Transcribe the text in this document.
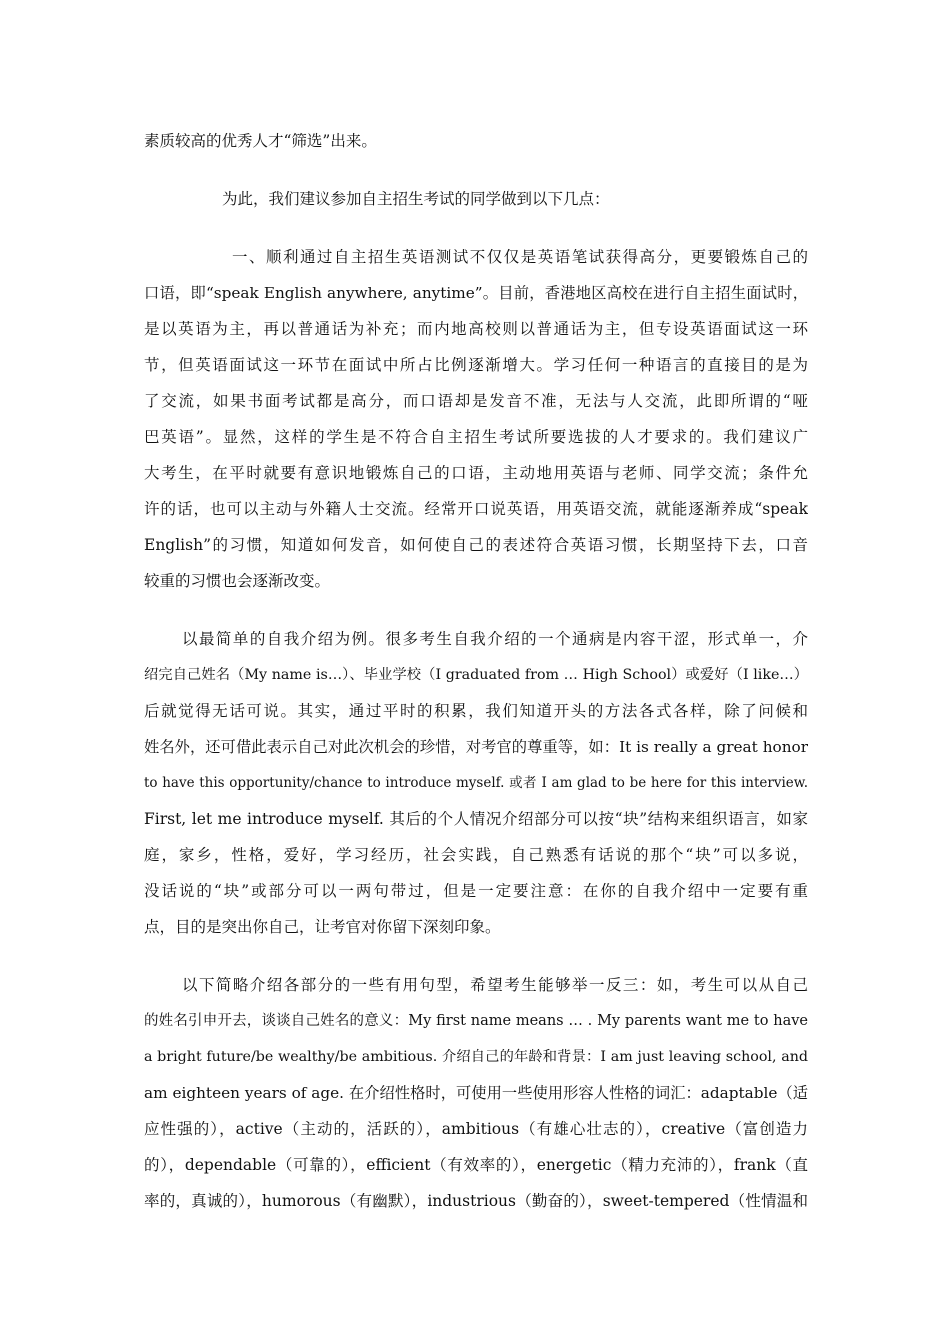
素质较高的优秀人才“筛选”出来。
为此，我们建议参加自主招生考试的同学做到以下几点：
一、顺利通过自主招生英语测试不仅仅是英语笔试获得高分，更要锻炼自己的
口语，即“speak English anywhere, anytime”。目前，香港地区高校在进行自主招生面试时，
是以英语为主，再以普通话为补充；而内地高校则以普通话为主，但专设英语面试这一环
节，但英语面试这一环节在面试中所占比例逐渐增大。学习任何一种语言的直接目的是为
了交流，如果书面考试都是高分，而口语却是发音不准，无法与人交流，此即所谓的“哑
巴英语”。显然，这样的学生是不符合自主招生考试所要选拔的人才要求的。我们建议广
大考生，在平时就要有意识地锻炼自己的口语，主动地用英语与老师、同学交流；条件允
许的话，也可以主动与外籍人士交流。经常开口说英语，用英语交流，就能逐渐养成“speak
English”的习惯，知道如何发音，如何使自己的表述符合英语习惯，长期坚持下去，口音
较重的习惯也会逐渐改变。
以最简单的自我介绍为例。很多考生自我介绍的一个通病是内容干涩，形式单一，介
绍完自己姓名（My name is…）、毕业学校（I graduated from … High School）或爱好（I like…）
后就觉得无话可说。其实，通过平时的积累，我们知道开头的方法各式各样，除了问候和
姓名外，还可借此表示自己对此次机会的珍惜，对考官的尊重等，如：It is really a great honor
to have this opportunity/chance to introduce myself. 或者 I am glad to be here for this interview.
First, let me introduce myself. 其后的个人情况介绍部分可以按“块”结构来组织语言，如家
庭，家乡，性格，爱好，学习经历，社会实践，自己熟悉有话说的那个“块”可以多说，
没话说的“块”或部分可以一两句带过，但是一定要注意：在你的自我介绍中一定要有重
点，目的是突出你自己，让考官对你留下深刻印象。
以下简略介绍各部分的一些有用句型，希望考生能够举一反三：如，考生可以从自己
的姓名引申开去，谈谈自己姓名的意义：My first name means … . My parents want me to have
a bright future/be wealthy/be ambitious. 介绍自己的年龄和背景：I am just leaving school, and
am eighteen years of age. 在介绍性格时，可使用一些使用形容人性格的词汇：adaptable（适
应性强的），active（主动的，活跃的），ambitious（有雄心壮志的），creative（富创造力
的），dependable（可靠的），efficient（有效率的），energetic（精力充沛的），frank（直
率的，真诚的），humorous（有幽默），industrious（勤奋的），sweet-tempered（性情温和
